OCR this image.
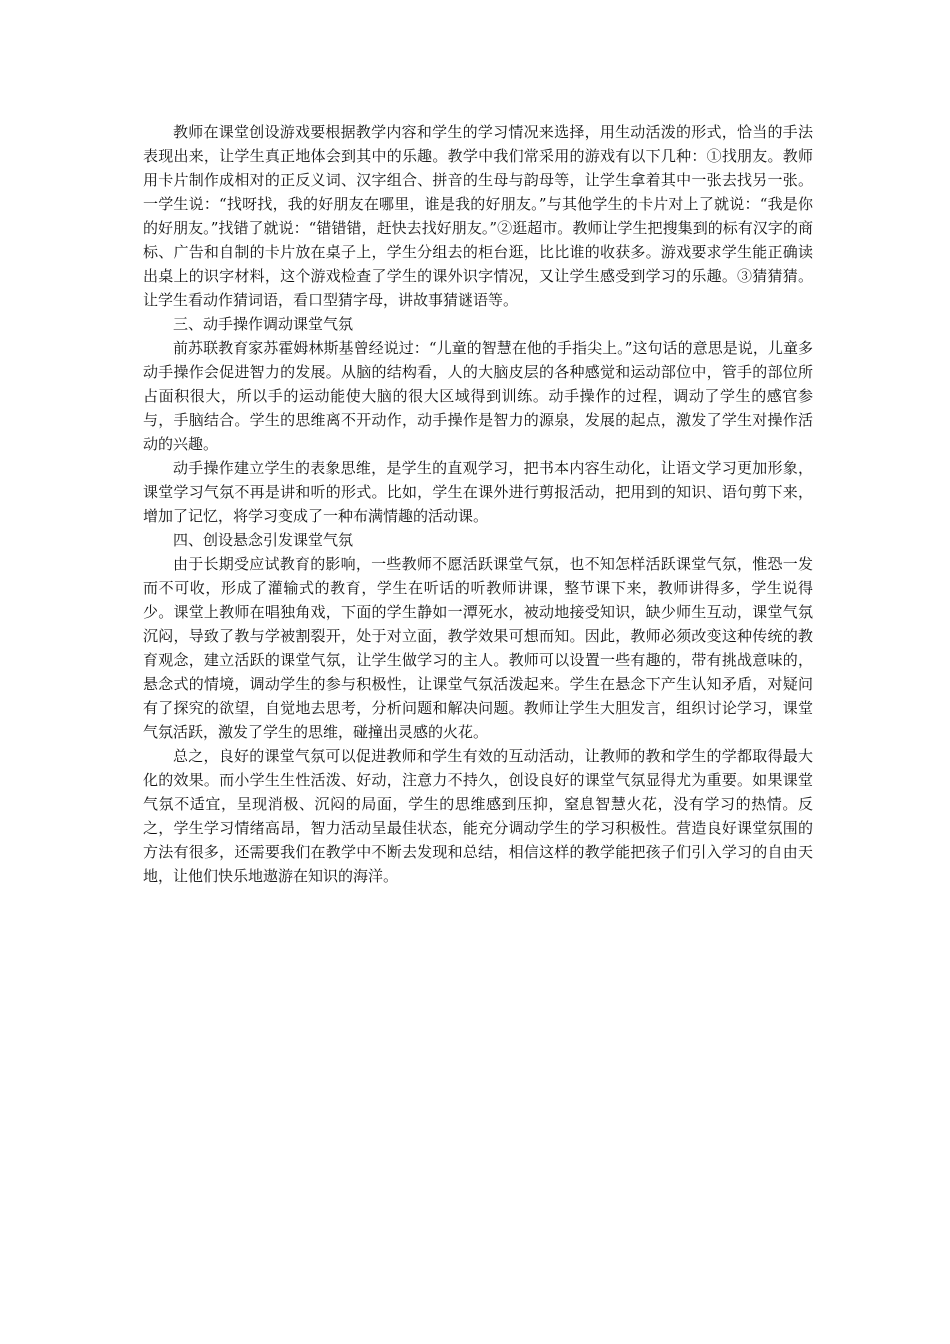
教师在课堂创设游戏要根据教学内容和学生的学习情况来选择，用生动活泼的形式，恰当的手法表现出来，让学生真正地体会到其中的乐趣。教学中我们常采用的游戏有以下几种：①找朋友。教师用卡片制作成相对的正反义词、汉字组合、拼音的生母与韵母等，让学生拿着其中一张去找另一张。一学生说：“找呀找，我的好朋友在哪里，谁是我的好朋友。”与其他学生的卡片对上了就说：“我是你的好朋友。”找错了就说：“错错错，赶快去找好朋友。”②逛超市。教师让学生把搜集到的标有汉字的商标、广告和自制的卡片放在桌子上，学生分组去的柜台逛，比比谁的收获多。游戏要求学生能正确读出桌上的识字材料，这个游戏检查了学生的课外识字情况，又让学生感受到学习的乐趣。③猜猜猜。让学生看动作猜词语，看口型猜字母，讲故事猜谜语等。

三、动手操作调动课堂气氛

前苏联教育家苏霍姆林斯基曾经说过：“儿童的智慧在他的手指尖上。”这句话的意思是说，儿童多动手操作会促进智力的发展。从脑的结构看，人的大脑皮层的各种感觉和运动部位中，管手的部位所占面积很大，所以手的运动能使大脑的很大区域得到训练。动手操作的过程，调动了学生的感官参与，手脑结合。学生的思维离不开动作，动手操作是智力的源泉，发展的起点，激发了学生对操作活动的兴趣。

动手操作建立学生的表象思维，是学生的直观学习，把书本内容生动化，让语文学习更加形象，课堂学习气氛不再是讲和听的形式。比如，学生在课外进行剪报活动，把用到的知识、语句剪下来，增加了记忆，将学习变成了一种布满情趣的活动课。

四、创设悬念引发课堂气氛

由于长期受应试教育的影响，一些教师不愿活跃课堂气氛，也不知怎样活跃课堂气氛，惟恐一发而不可收，形成了灌输式的教育，学生在听话的听教师讲课，整节课下来，教师讲得多，学生说得少。课堂上教师在唱独角戏，下面的学生静如一潭死水，被动地接受知识，缺少师生互动，课堂气氛沉闷，导致了教与学被割裂开，处于对立面，教学效果可想而知。因此，教师必须改变这种传统的教育观念，建立活跃的课堂气氛，让学生做学习的主人。教师可以设置一些有趣的，带有挑战意味的，悬念式的情境，调动学生的参与积极性，让课堂气氛活泼起来。学生在悬念下产生认知矛盾，对疑问有了探究的欲望，自觉地去思考，分析问题和解决问题。教师让学生大胆发言，组织讨论学习，课堂气氛活跃，激发了学生的思维，碰撞出灵感的火花。

总之，良好的课堂气氛可以促进教师和学生有效的互动活动，让教师的教和学生的学都取得最大化的效果。而小学生生性活泼、好动，注意力不持久，创设良好的课堂气氛显得尤为重要。如果课堂气氛不适宜，呈现消极、沉闷的局面，学生的思维感到压抑，窒息智慧火花，没有学习的热情。反之，学生学习情绪高昂，智力活动呈最佳状态，能充分调动学生的学习积极性。营造良好课堂氛围的方法有很多，还需要我们在教学中不断去发现和总结，相信这样的教学能把孩子们引入学习的自由天地，让他们快乐地遨游在知识的海洋。
